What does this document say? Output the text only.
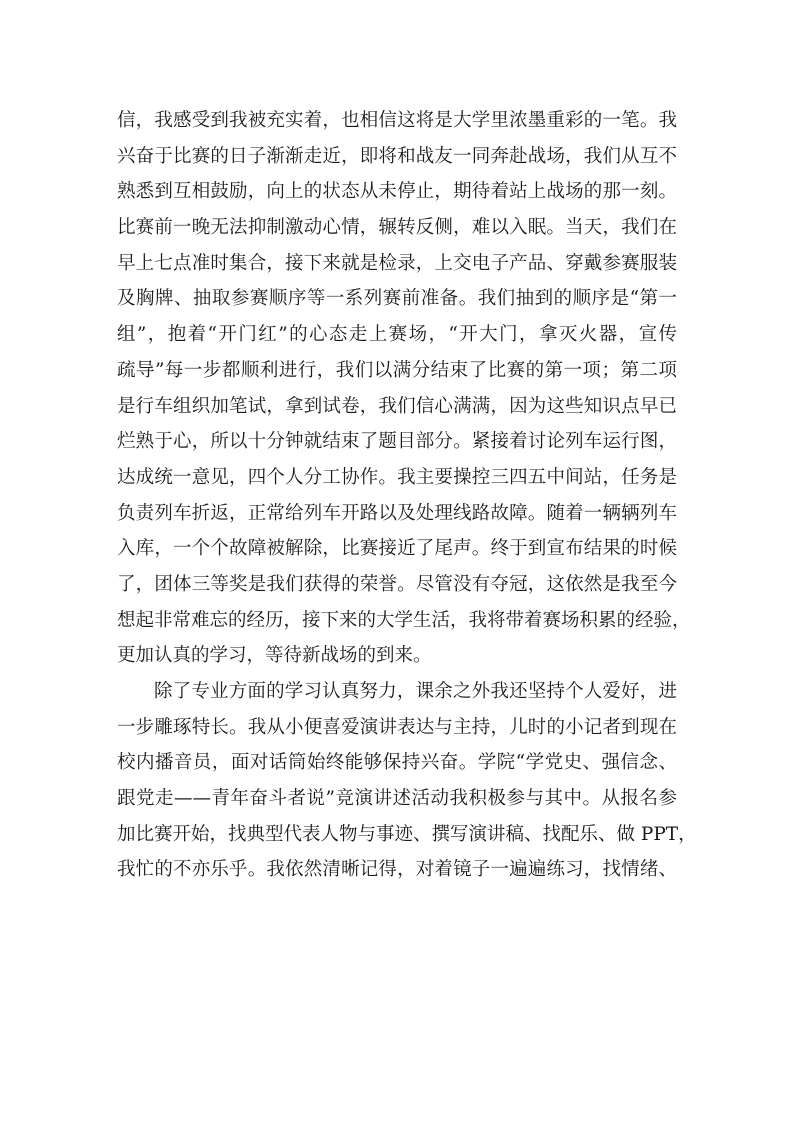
信，我感受到我被充实着，也相信这将是大学里浓墨重彩的一笔。我
兴奋于比赛的日子渐渐走近，即将和战友一同奔赴战场，我们从互不
熟悉到互相鼓励，向上的状态从未停止，期待着站上战场的那一刻。
比赛前一晚无法抑制激动心情，辗转反侧，难以入眠。当天，我们在
早上七点准时集合，接下来就是检录，上交电子产品、穿戴参赛服装
及胸牌、抽取参赛顺序等一系列赛前准备。我们抽到的顺序是“第一
组”，抱着“开门红”的心态走上赛场，“开大门，拿灭火器，宣传
疏导”每一步都顺利进行，我们以满分结束了比赛的第一项；第二项
是行车组织加笔试，拿到试卷，我们信心满满，因为这些知识点早已
烂熟于心，所以十分钟就结束了题目部分。紧接着讨论列车运行图，
达成统一意见，四个人分工协作。我主要操控三四五中间站，任务是
负责列车折返，正常给列车开路以及处理线路故障。随着一辆辆列车
入库，一个个故障被解除，比赛接近了尾声。终于到宣布结果的时候
了，团体三等奖是我们获得的荣誉。尽管没有夺冠，这依然是我至今
想起非常难忘的经历，接下来的大学生活，我将带着赛场积累的经验，
更加认真的学习，等待新战场的到来。
除了专业方面的学习认真努力，课余之外我还坚持个人爱好，进
一步雕琢特长。我从小便喜爱演讲表达与主持，儿时的小记者到现在
校内播音员，面对话筒始终能够保持兴奋。学院“学党史、强信念、
跟党走——青年奋斗者说”竞演讲述活动我积极参与其中。从报名参
加比赛开始，找典型代表人物与事迹、撰写演讲稿、找配乐、做 PPT，
我忙的不亦乐乎。我依然清晰记得，对着镜子一遍遍练习，找情绪、
